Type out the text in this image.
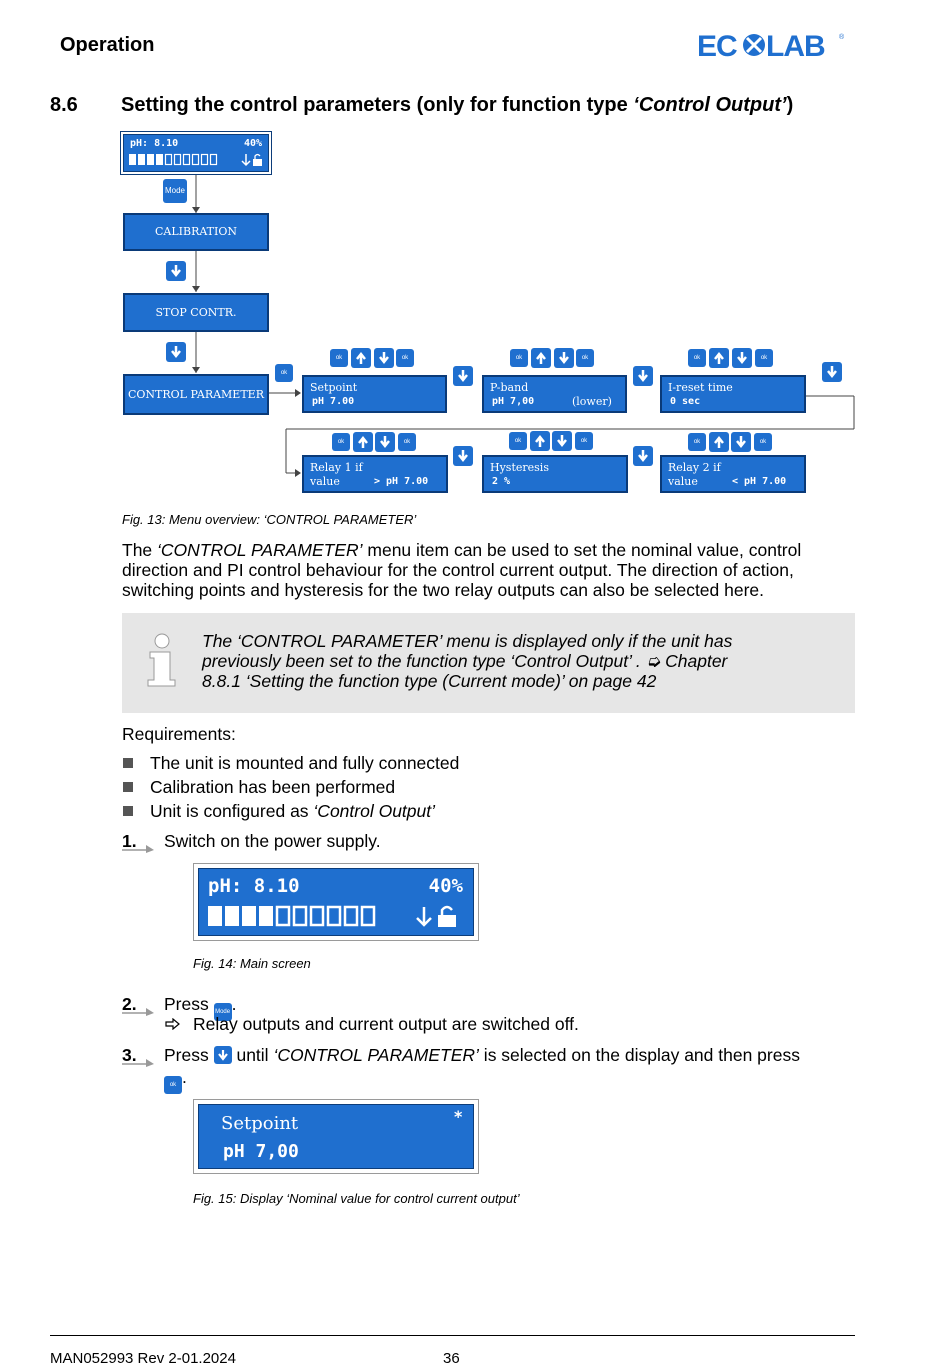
Operation	EC LAB ®
8.6 Setting the control parameters (only for function type ‘Control Output’)
pH: 8.10	40%
Mode
CALIBRATION
STOP CONTR.
CONTROL PARAMETER
ok
ok	ok	ok	ok	ok	ok
Setpoint
pH 7.00
P-band
pH 7,00	(lower)
I-reset time
0 sec
ok	ok	ok	ok	ok	ok
Relay 1 if
value	> pH 7.00
Hysteresis
2 %
Relay 2 if
value	< pH 7.00
Fig. 13: Menu overview: ‘CONTROL PARAMETER’
The ‘CONTROL PARAMETER’ menu item can be used to set the nominal value, control
direction and PI control behaviour for the control current output. The direction of action,
switching points and hysteresis for the two relay outputs can also be selected here.
The ‘CONTROL PARAMETER’ menu is displayed only if the unit has
previously been set to the function type ‘Control Output’ . ➭ Chapter
8.8.1 ‘Setting the function type (Current mode)’ on page 42
Requirements:
The unit is mounted and fully connected
Calibration has been performed
Unit is configured as ‘Control Output’
1. Switch on the power supply.
pH: 8.10	40%
Fig. 14: Main screen
2. Press Mode.
Relay outputs and current output are switched off.
3. Press
until ‘CONTROL PARAMETER’ is selected on the display and then press
ok .
Setpoint	*
pH 7,00
Fig. 15: Display ‘Nominal value for control current output’
MAN052993 Rev 2-01.2024	36
